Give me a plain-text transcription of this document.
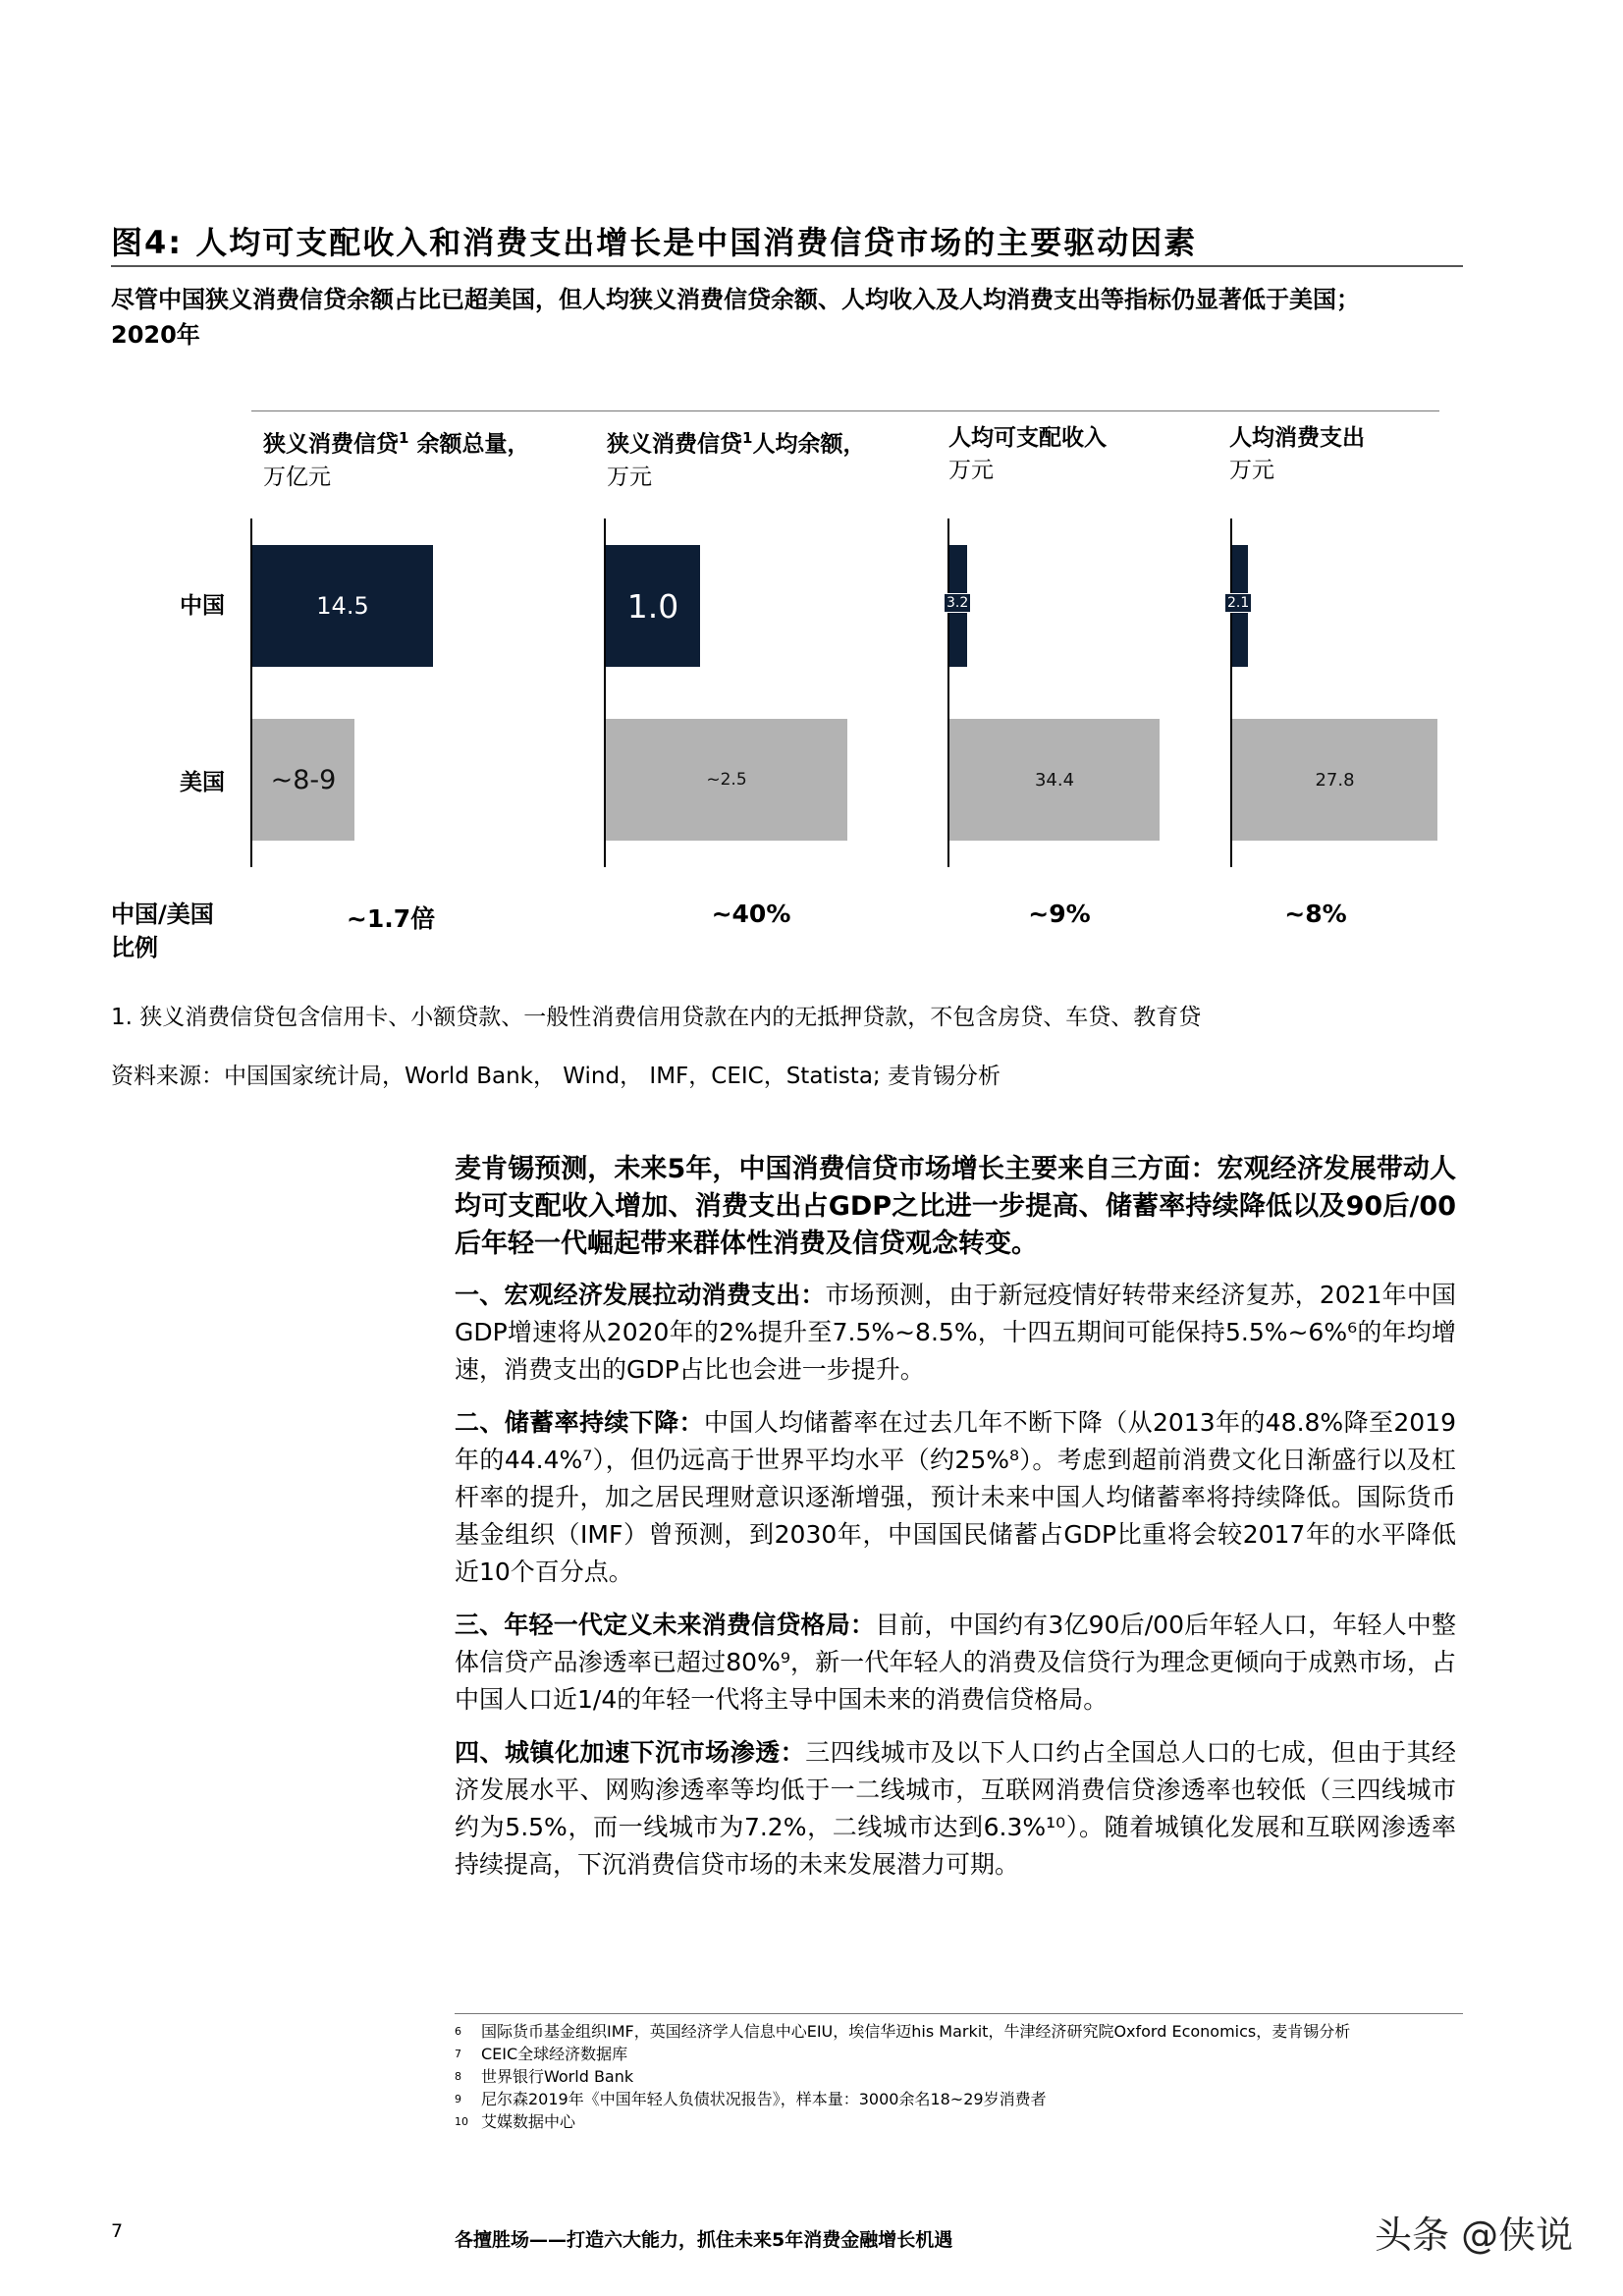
图4: 人均可支配收入和消费支出增长是中国消费信贷市场的主要驱动因素
尽管中国狭义消费信贷余额占比已超美国，但人均狭义消费信贷余额、人均收入及人均消费支出等指标仍显著低于美国；2020年
狭义消费信贷$^1$ 余额总量，
万亿元
狭义消费信贷$^1$人均余额，
万元
人均可支配收入
万元
人均消费支出
万元
中国
美国
14.5
~8-9
1.0
~2.5
3.2
34.4
2.1
27.8
中国/美国比例
~1.7倍	~40%	~9%	~8%
1. 狭义消费信贷包含信用卡、小额贷款、一般性消费信用贷款在内的无抵押贷款，不包含房贷、车贷、教育贷
资料来源：中国国家统计局，World Bank， Wind， IMF，CEIC，Statista; 麦肯锡分析

麦肯锡预测，未来5年，中国消费信贷市场增长主要来自三方面：宏观经济发展带动人均可支配收入增加、消费支出占GDP之比进一步提高、储蓄率持续降低以及90后/00后年轻一代崛起带来群体性消费及信贷观念转变。

一、宏观经济发展拉动消费支出：市场预测，由于新冠疫情好转带来经济复苏，2021年中国GDP增速将从2020年的2%提升至7.5%~8.5%，十四五期间可能保持5.5%~6%⁶的年均增速，消费支出的GDP占比也会进一步提升。

二、储蓄率持续下降：中国人均储蓄率在过去几年不断下降（从2013年的48.8%降至2019年的44.4%⁷），但仍远高于世界平均水平（约25%⁸）。考虑到超前消费文化日渐盛行以及杠杆率的提升，加之居民理财意识逐渐增强，预计未来中国人均储蓄率将持续降低。国际货币基金组织（IMF）曾预测，到2030年，中国国民储蓄占GDP比重将会较2017年的水平降低近10个百分点。

三、年轻一代定义未来消费信贷格局：目前，中国约有3亿90后/00后年轻人口，年轻人中整体信贷产品渗透率已超过80%⁹，新一代年轻人的消费及信贷行为理念更倾向于成熟市场，占中国人口近1/4的年轻一代将主导中国未来的消费信贷格局。

四、城镇化加速下沉市场渗透：三四线城市及以下人口约占全国总人口的七成，但由于其经济发展水平、网购渗透率等均低于一二线城市，互联网消费信贷渗透率也较低（三四线城市约为5.5%，而一线城市为7.2%，二线城市达到6.3%¹⁰）。随着城镇化发展和互联网渗透率持续提高，下沉消费信贷市场的未来发展潜力可期。

$^6$ 国际货币基金组织IMF，英国经济学人信息中心EIU，埃信华迈his Markit，牛津经济研究院Oxford Economics，麦肯锡分析
$^7$ CEIC全球经济数据库
$^8$ 世界银行World Bank
$^9$ 尼尔森2019年《中国年轻人负债状况报告》，样本量：3000余名18~29岁消费者
$^{10}$ 艾媒数据中心
7	各擅胜场——打造六大能力，抓住未来5年消费金融增长机遇	头条 @侠说
